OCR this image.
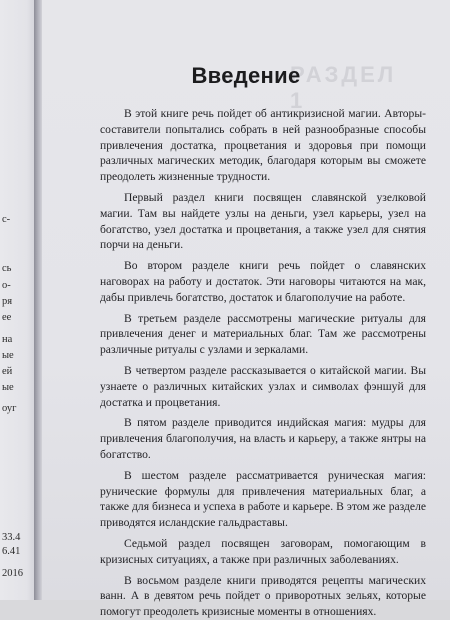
с-
сь
о-
ря
ее
на
ые
ей
ые
оуг
33.4
6.41
2016
РАЗДЕЛ 1
Введение

В этой книге речь пойдет об антикризисной магии. Авторы-составители попытались собрать в ней разнообразные способы привлечения достатка, процветания и здоровья при помощи различных магических методик, благодаря которым вы сможете преодолеть жизненные трудности.

Первый раздел книги посвящен славянской узелковой магии. Там вы найдете узлы на деньги, узел карьеры, узел на богатство, узел достатка и процветания, а также узел для снятия порчи на деньги.

Во втором разделе книги речь пойдет о славянских наговорах на работу и достаток. Эти наговоры читаются на мак, дабы привлечь богатство, достаток и благополучие на работе.

В третьем разделе рассмотрены магические ритуалы для привлечения денег и материальных благ. Там же рассмотрены различные ритуалы с узлами и зеркалами.

В четвертом разделе рассказывается о китайской магии. Вы узнаете о различных китайских узлах и символах фэншуй для достатка и процветания.

В пятом разделе приводится индийская магия: мудры для привлечения благополучия, на власть и карьеру, а также янтры на богатство.

В шестом разделе рассматривается руническая магия: рунические формулы для привлечения материальных благ, а также для бизнеса и успеха в работе и карьере. В этом же разделе приводятся исландские гальдраставы.

Седьмой раздел посвящен заговорам, помогающим в кризисных ситуациях, а также при различных заболеваниях.

В восьмом разделе книги приводятся рецепты магических ванн. А в девятом речь пойдет о приворотных зельях, которые помогут преодолеть кризисные моменты в отношениях.
